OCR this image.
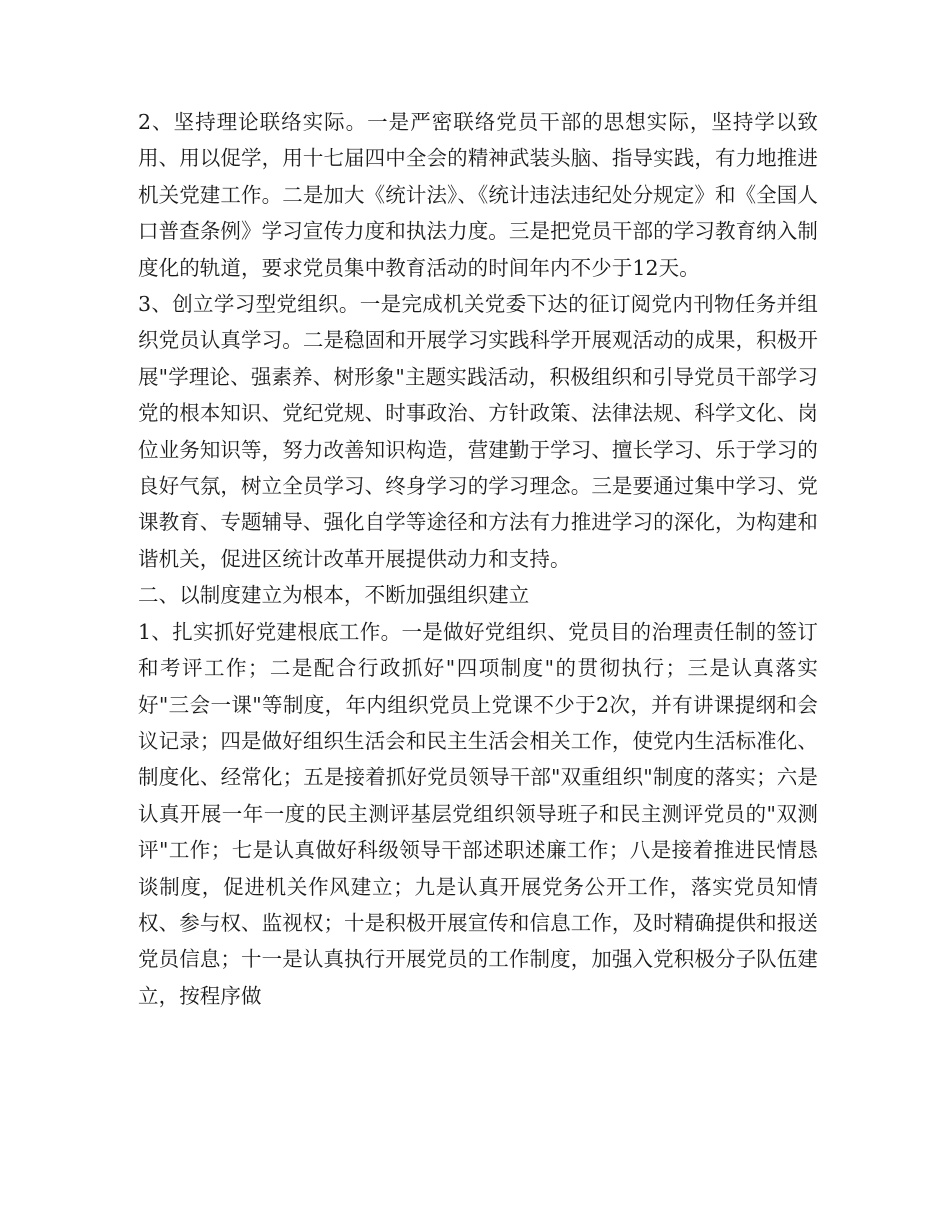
2、坚持理论联络实际。一是严密联络党员干部的思想实际，坚持学以致用、用以促学，用十七届四中全会的精神武装头脑、指导实践，有力地推进机关党建工作。二是加大《统计法》、《统计违法违纪处分规定》和《全国人口普查条例》学习宣传力度和执法力度。三是把党员干部的学习教育纳入制度化的轨道，要求党员集中教育活动的时间年内不少于12天。

3、创立学习型党组织。一是完成机关党委下达的征订阅党内刊物任务并组织党员认真学习。二是稳固和开展学习实践科学开展观活动的成果，积极开展"学理论、强素养、树形象"主题实践活动，积极组织和引导党员干部学习党的根本知识、党纪党规、时事政治、方针政策、法律法规、科学文化、岗位业务知识等，努力改善知识构造，营建勤于学习、擅长学习、乐于学习的良好气氛，树立全员学习、终身学习的学习理念。三是要通过集中学习、党课教育、专题辅导、强化自学等途径和方法有力推进学习的深化，为构建和谐机关，促进区统计改革开展提供动力和支持。

二、以制度建立为根本，不断加强组织建立

1、扎实抓好党建根底工作。一是做好党组织、党员目的治理责任制的签订和考评工作；二是配合行政抓好"四项制度"的贯彻执行；三是认真落实好"三会一课"等制度，年内组织党员上党课不少于2次，并有讲课提纲和会议记录；四是做好组织生活会和民主生活会相关工作，使党内生活标准化、制度化、经常化；五是接着抓好党员领导干部"双重组织"制度的落实；六是认真开展一年一度的民主测评基层党组织领导班子和民主测评党员的"双测评"工作；七是认真做好科级领导干部述职述廉工作；八是接着推进民情恳谈制度，促进机关作风建立；九是认真开展党务公开工作，落实党员知情权、参与权、监视权；十是积极开展宣传和信息工作，及时精确提供和报送党员信息；十一是认真执行开展党员的工作制度，加强入党积极分子队伍建立，按程序做
